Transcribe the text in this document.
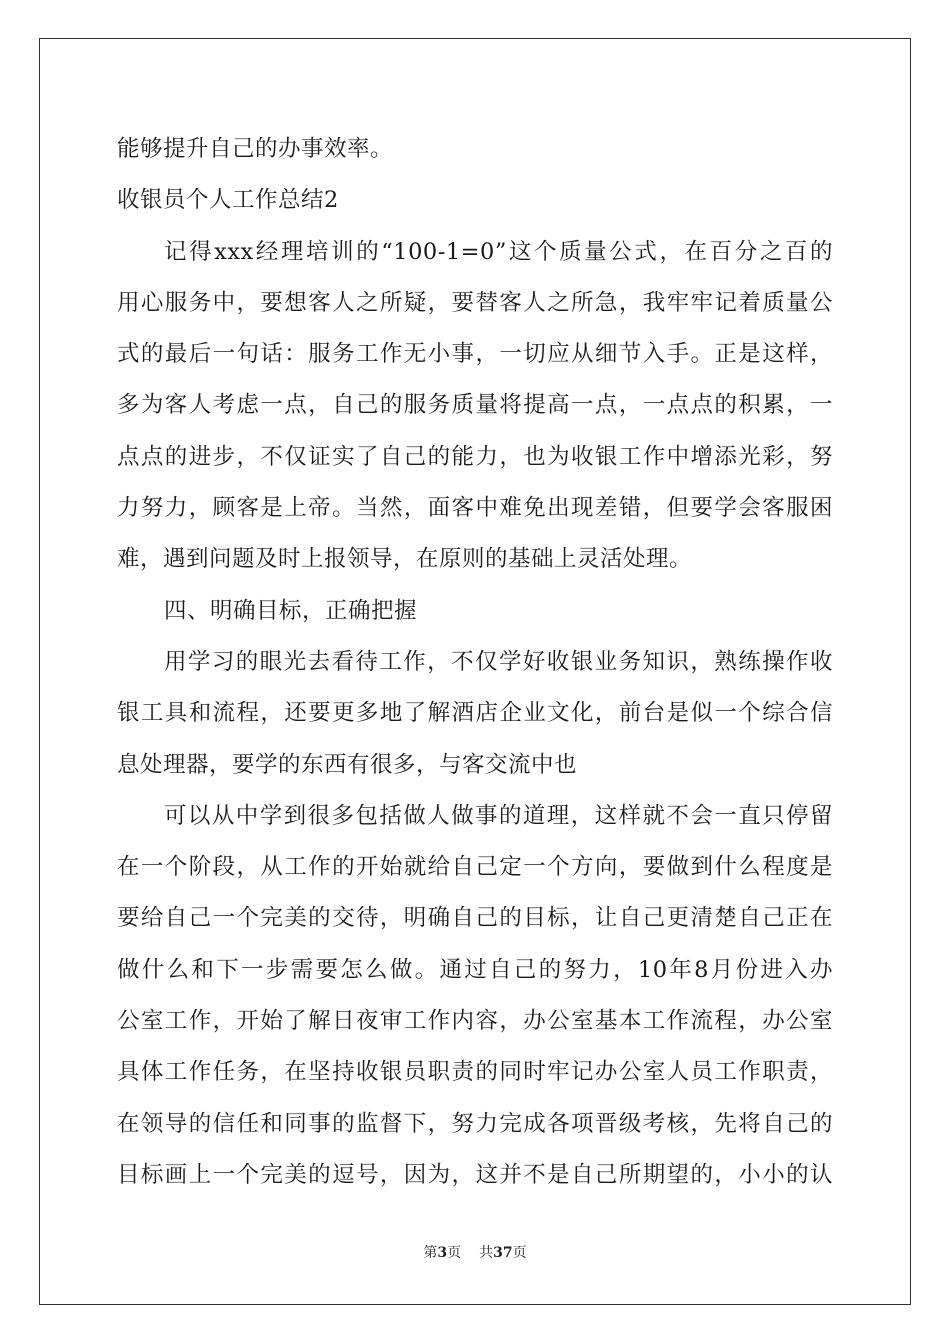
能够提升自己的办事效率。
收银员个人工作总结2
记得xxx经理培训的“100-1=0”这个质量公式，在百分之百的
用心服务中，要想客人之所疑，要替客人之所急，我牢牢记着质量公
式的最后一句话：服务工作无小事，一切应从细节入手。正是这样，
多为客人考虑一点，自己的服务质量将提高一点，一点点的积累，一
点点的进步，不仅证实了自己的能力，也为收银工作中增添光彩，努
力努力，顾客是上帝。当然，面客中难免出现差错，但要学会客服困
难，遇到问题及时上报领导，在原则的基础上灵活处理。
四、明确目标，正确把握
用学习的眼光去看待工作，不仅学好收银业务知识，熟练操作收
银工具和流程，还要更多地了解酒店企业文化，前台是似一个综合信
息处理器，要学的东西有很多，与客交流中也
可以从中学到很多包括做人做事的道理，这样就不会一直只停留
在一个阶段，从工作的开始就给自己定一个方向，要做到什么程度是
要给自己一个完美的交待，明确自己的目标，让自己更清楚自己正在
做什么和下一步需要怎么做。通过自己的努力，10年8月份进入办
公室工作，开始了解日夜审工作内容，办公室基本工作流程，办公室
具体工作任务，在坚持收银员职责的同时牢记办公室人员工作职责，
在领导的信任和同事的监督下，努力完成各项晋级考核，先将自己的
目标画上一个完美的逗号，因为，这并不是自己所期望的，小小的认
第3页 共37页
